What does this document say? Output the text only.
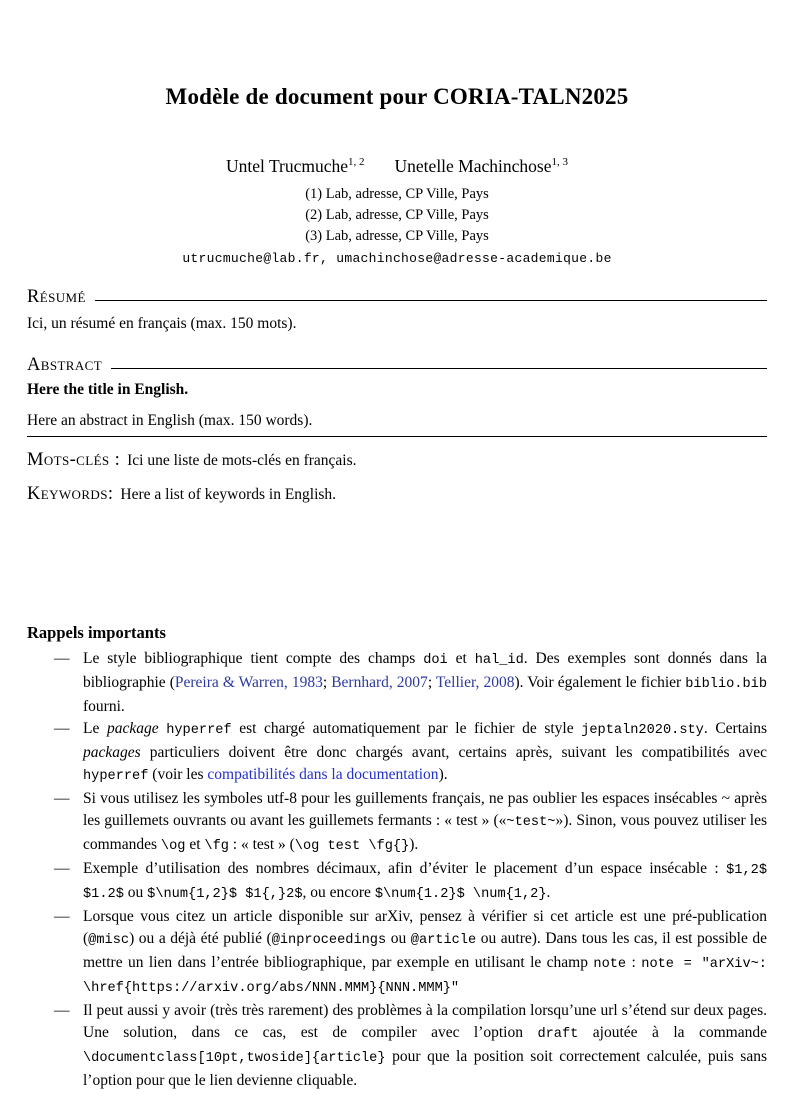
Modèle de document pour CORIA-TALN2025
Untel Trucmuche$^{1, 2}$ Unetelle Machinchose$^{1, 3}$
(1) Lab, adresse, CP Ville, Pays
(2) Lab, adresse, CP Ville, Pays
(3) Lab, adresse, CP Ville, Pays
utrucmuche@lab.fr, umachinchose@adresse-academique.be
Résumé

Ici, un résumé en français (max. 150 mots).

Abstract

Here the title in English.

Here an abstract in English (max. 150 words).

Mots-clés : Ici une liste de mots-clés en français.

Keywords: Here a list of keywords in English.

Rappels importants
— Le style bibliographique tient compte des champs doi et hal_id. Des exemples sont donnés dans la bibliographie (Pereira & Warren, 1983; Bernhard, 2007; Tellier, 2008). Voir également le fichier biblio.bib fourni.
— Le package hyperref est chargé automatiquement par le fichier de style jeptaln2020.sty. Certains packages particuliers doivent être donc chargés avant, certains après, suivant les compatibilités avec hyperref (voir les compatibilités dans la documentation).
— Si vous utilisez les symboles utf-8 pour les guillements français, ne pas oublier les espaces insécables ~ après les guillemets ouvrants ou avant les guillemets fermants : « test » («~test~»). Sinon, vous pouvez utiliser les commandes \og et \fg : « test » (\og test \fg{}).
— Exemple d’utilisation des nombres décimaux, afin d’éviter le placement d’un espace insécable : $1,2$ $1.2$ ou $\num{1,2}$ $1{,}2$, ou encore $\num{1.2}$ \num{1,2}.
— Lorsque vous citez un article disponible sur arXiv, pensez à vérifier si cet article est une pré-publication (@misc) ou a déjà été publié (@inproceedings ou @article ou autre). Dans tous les cas, il est possible de mettre un lien dans l’entrée bibliographique, par exemple en utilisant le champ note : note = "arXiv~: \href{https://arxiv.org/abs/NNN.MMM}{NNN.MMM}"
— Il peut aussi y avoir (très très rarement) des problèmes à la compilation lorsqu’une url s’étend sur deux pages. Une solution, dans ce cas, est de compiler avec l’option draft ajoutée à la commande \documentclass[10pt,twoside]{article} pour que la position soit correctement calculée, puis sans l’option pour que le lien devienne cliquable.
